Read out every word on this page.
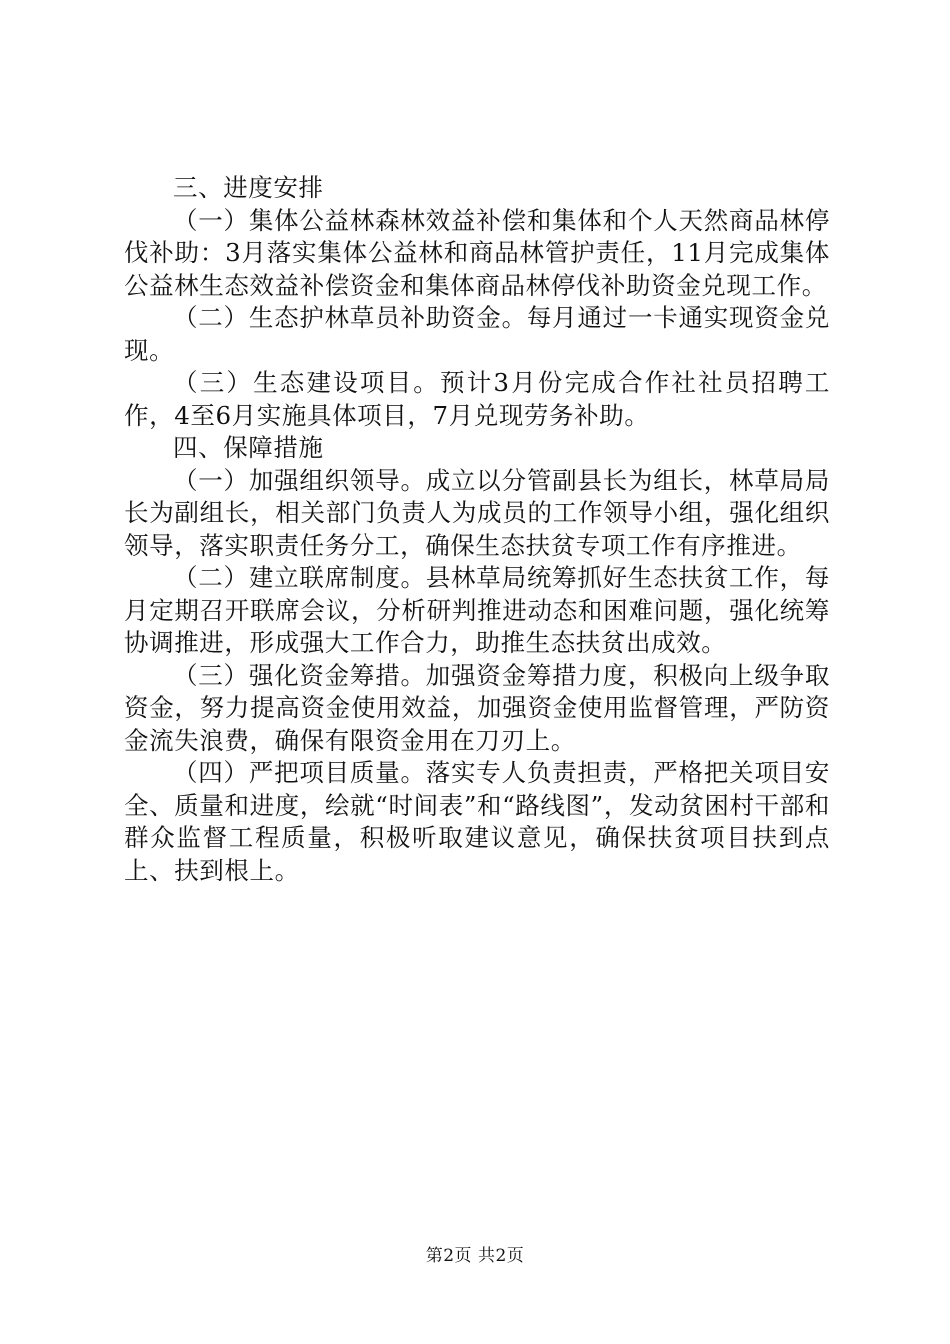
三、进度安排

（一）集体公益林森林效益补偿和集体和个人天然商品林停伐补助：3月落实集体公益林和商品林管护责任，11月完成集体公益林生态效益补偿资金和集体商品林停伐补助资金兑现工作。

（二）生态护林草员补助资金。每月通过一卡通实现资金兑现。

（三）生态建设项目。预计3月份完成合作社社员招聘工作，4至6月实施具体项目，7月兑现劳务补助。

四、保障措施

（一）加强组织领导。成立以分管副县长为组长，林草局局长为副组长，相关部门负责人为成员的工作领导小组，强化组织领导，落实职责任务分工，确保生态扶贫专项工作有序推进。

（二）建立联席制度。县林草局统筹抓好生态扶贫工作，每月定期召开联席会议，分析研判推进动态和困难问题，强化统筹协调推进，形成强大工作合力，助推生态扶贫出成效。

（三）强化资金筹措。加强资金筹措力度，积极向上级争取资金，努力提高资金使用效益，加强资金使用监督管理，严防资金流失浪费，确保有限资金用在刀刃上。

（四）严把项目质量。落实专人负责担责，严格把关项目安全、质量和进度，绘就“时间表”和“路线图”，发动贫困村干部和群众监督工程质量，积极听取建议意见，确保扶贫项目扶到点上、扶到根上。

第2页 共2页
